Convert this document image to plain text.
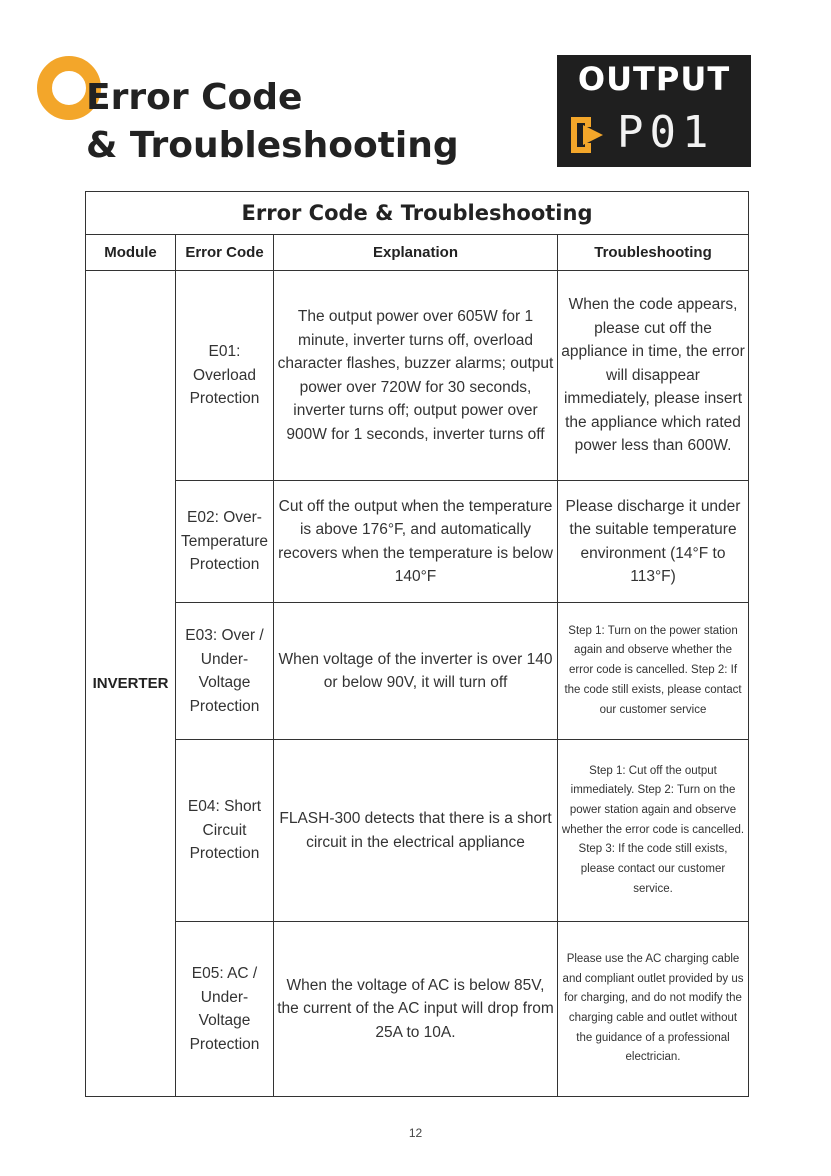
Error Code
& Troubleshooting
OUTPUT
P01
Error Code & Troubleshooting			
Module	Error Code	Explanation	Troubleshooting
INVERTER	E01: Overload Protection	The output power over 605W for 1 minute, inverter turns off, overload character flashes, buzzer alarms; output power over 720W for 30 seconds, inverter turns off; output power over 900W for 1 seconds, inverter turns off	When the code appears, please cut off the appliance in time, the error will disappear immediately, please insert the appliance which rated power less than 600W.
	E02: Over-Temperature Protection	Cut off the output when the temperature is above 176°F, and automatically recovers when the temperature is below 140°F	Please discharge it under the suitable temperature environment (14°F to 113°F)
	E03: Over / Under-Voltage Protection	When voltage of the inverter is over 140 or below 90V, it will turn off	Step 1: Turn on the power station again and observe whether the error code is cancelled. Step 2: If the code still exists, please contact our customer service
	E04: Short Circuit Protection	FLASH-300 detects that there is a short circuit in the electrical appliance	Step 1: Cut off the output immediately. Step 2: Turn on the power station again and observe whether the error code is cancelled. Step 3: If the code still exists, please contact our customer service.
	E05: AC / Under-Voltage Protection	When the voltage of AC is below 85V, the current of the AC input will drop from 25A to 10A.	Please use the AC charging cable and compliant outlet provided by us for charging, and do not modify the charging cable and outlet without the guidance of a professional electrician.
12
